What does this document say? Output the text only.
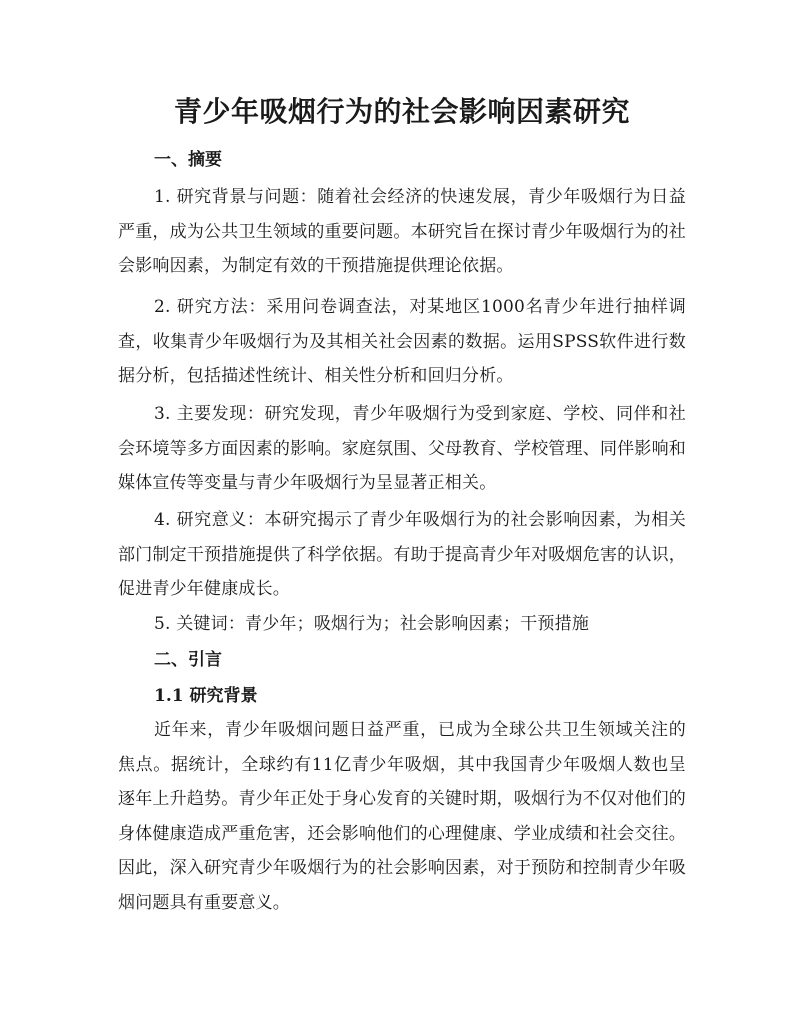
青少年吸烟行为的社会影响因素研究
一、摘要

1. 研究背景与问题：随着社会经济的快速发展，青少年吸烟行为日益严重，成为公共卫生领域的重要问题。本研究旨在探讨青少年吸烟行为的社会影响因素，为制定有效的干预措施提供理论依据。

2. 研究方法：采用问卷调查法，对某地区1000名青少年进行抽样调查，收集青少年吸烟行为及其相关社会因素的数据。运用SPSS软件进行数据分析，包括描述性统计、相关性分析和回归分析。

3. 主要发现：研究发现，青少年吸烟行为受到家庭、学校、同伴和社会环境等多方面因素的影响。家庭氛围、父母教育、学校管理、同伴影响和媒体宣传等变量与青少年吸烟行为呈显著正相关。

4. 研究意义：本研究揭示了青少年吸烟行为的社会影响因素，为相关部门制定干预措施提供了科学依据。有助于提高青少年对吸烟危害的认识，促进青少年健康成长。

5. 关键词：青少年；吸烟行为；社会影响因素；干预措施

二、引言
1.1 研究背景

近年来，青少年吸烟问题日益严重，已成为全球公共卫生领域关注的焦点。据统计，全球约有11亿青少年吸烟，其中我国青少年吸烟人数也呈逐年上升趋势。青少年正处于身心发育的关键时期，吸烟行为不仅对他们的身体健康造成严重危害，还会影响他们的心理健康、学业成绩和社会交往。因此，深入研究青少年吸烟行为的社会影响因素，对于预防和控制青少年吸烟问题具有重要意义。
